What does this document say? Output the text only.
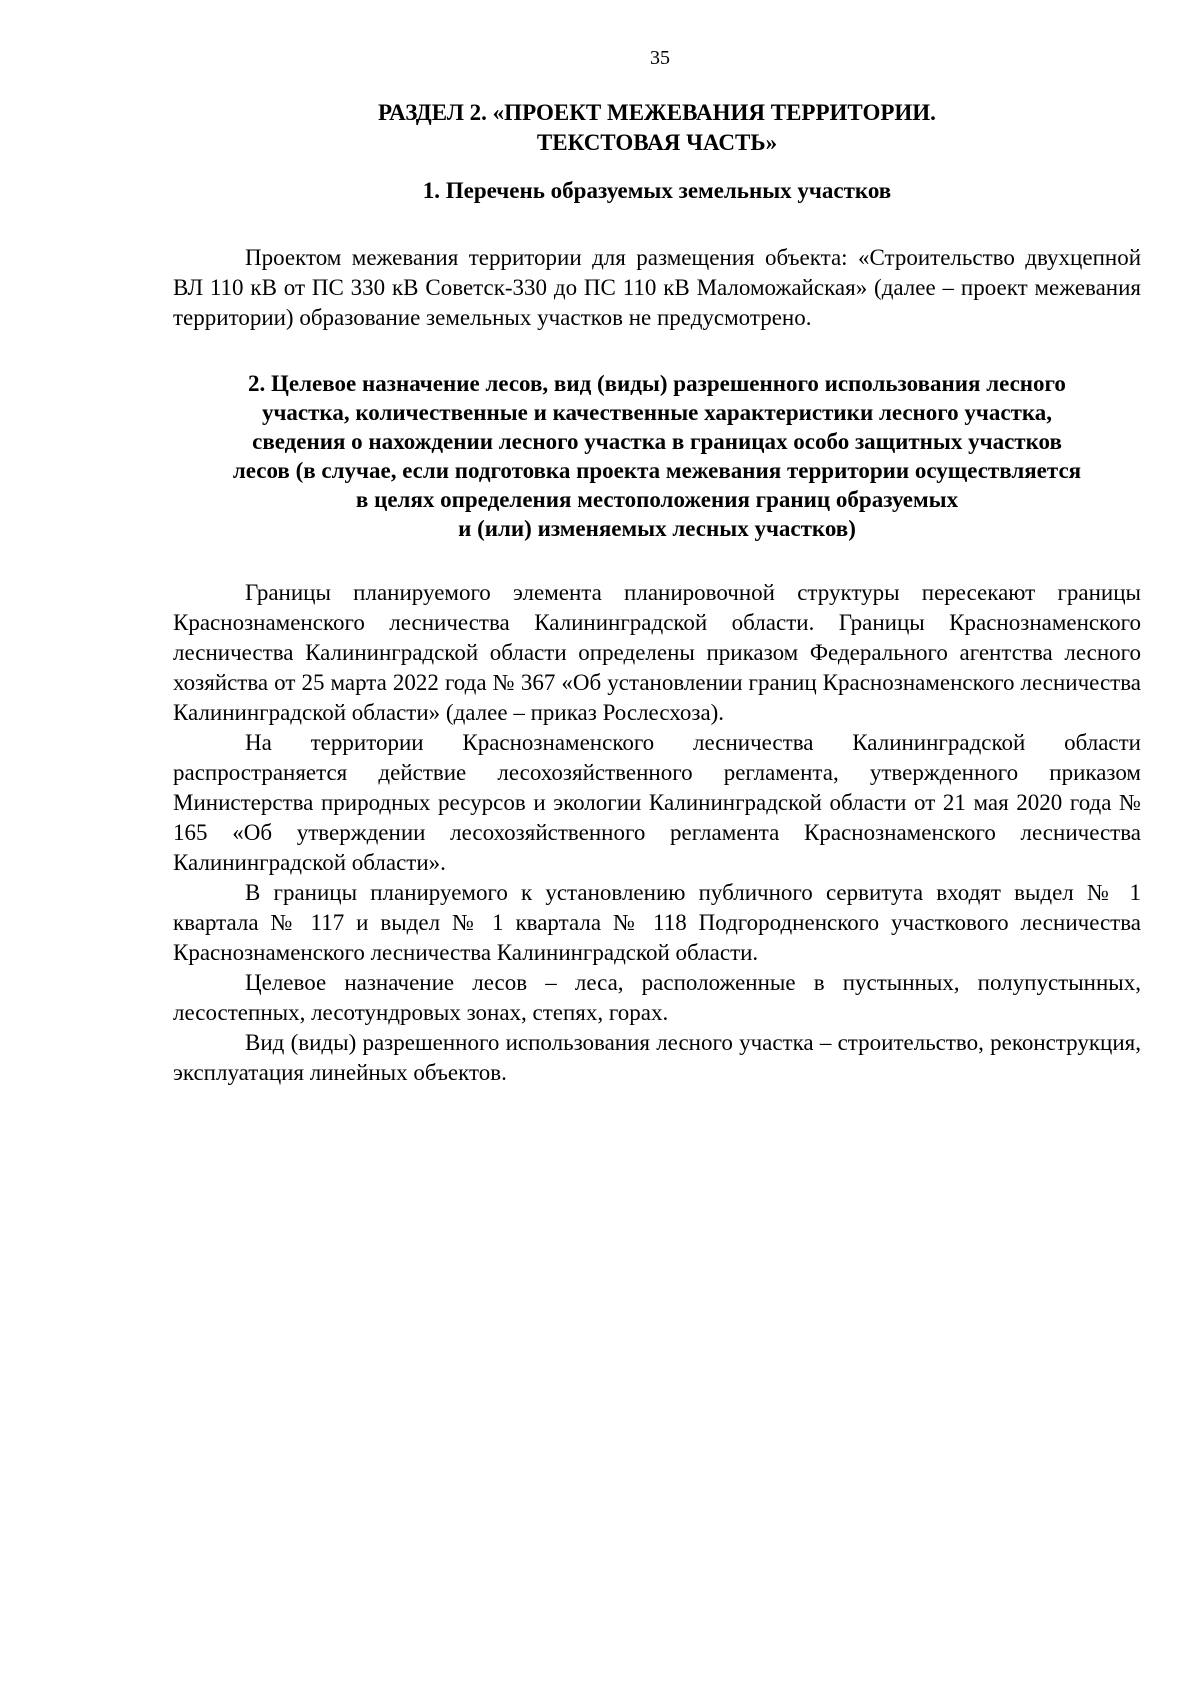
35
РАЗДЕЛ 2. «ПРОЕКТ МЕЖЕВАНИЯ ТЕРРИТОРИИ.
ТЕКСТОВАЯ ЧАСТЬ»
1. Перечень образуемых земельных участков

Проектом межевания территории для размещения объекта: «Строительство двухцепной ВЛ 110 кВ от ПС 330 кВ Советск-330 до ПС 110 кВ Маломожайская» (далее – проект межевания территории) образование земельных участков не предусмотрено.

2. Целевое назначение лесов, вид (виды) разрешенного использования лесного
участка, количественные и качественные характеристики лесного участка,
сведения о нахождении лесного участка в границах особо защитных участков
лесов (в случае, если подготовка проекта межевания территории осуществляется
в целях определения местоположения границ образуемых
и (или) изменяемых лесных участков)

Границы планируемого элемента планировочной структуры пересекают границы Краснознаменского лесничества Калининградской области. Границы Краснознаменского лесничества Калининградской области определены приказом Федерального агентства лесного хозяйства от 25 марта 2022 года № 367 «Об установлении границ Краснознаменского лесничества Калининградской области» (далее – приказ Рослесхоза).

На территории Краснознаменского лесничества Калининградской области распространяется действие лесохозяйственного регламента, утвержденного приказом Министерства природных ресурсов и экологии Калининградской области от 21 мая 2020 года № 165 «Об утверждении лесохозяйственного регламента Краснознаменского лесничества Калининградской области».

В границы планируемого к установлению публичного сервитута входят выдел № 1 квартала № 117 и выдел № 1 квартала № 118 Подгородненского участкового лесничества Краснознаменского лесничества Калининградской области.

Целевое назначение лесов – леса, расположенные в пустынных, полупустынных, лесостепных, лесотундровых зонах, степях, горах.

Вид (виды) разрешенного использования лесного участка – строительство, реконструкция, эксплуатация линейных объектов.
